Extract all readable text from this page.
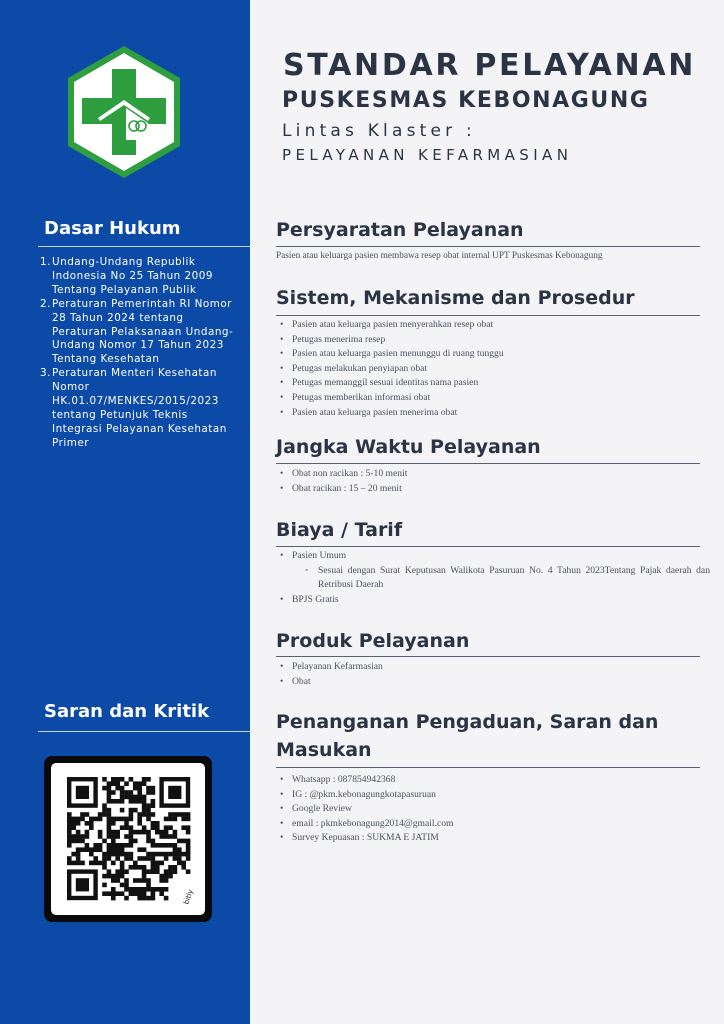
Dasar Hukum
1. Undang-Undang Republik Indonesia No 25 Tahun 2009 Tentang Pelayanan Publik
2. Peraturan Pemerintah RI Nomor 28 Tahun 2024 tentang Peraturan Pelaksanaan Undang-Undang Nomor 17 Tahun 2023 Tentang Kesehatan
3. Peraturan Menteri Kesehatan Nomor HK.01.07/MENKES/2015/2023 tentang Petunjuk Teknis Integrasi Pelayanan Kesehatan Primer
Saran dan Kritik
bitly
STANDAR PELAYANAN
PUSKESMAS KEBONAGUNG
Lintas Klaster :
PELAYANAN KEFARMASIAN
Persyaratan Pelayanan
Pasien atau keluarga pasien membawa resep obat internal UPT Puskesmas Kebonagung
Sistem, Mekanisme dan Prosedur
• Pasien atau keluarga pasien menyerahkan resep obat
• Petugas menerima resep
• Pasien atau keluarga pasien menunggu di ruang tunggu
• Petugas melakukan penyiapan obat
• Petugas memanggil sesuai identitas nama pasien
• Petugas memberikan informasi obat
• Pasien atau keluarga pasien menerima obat
Jangka Waktu Pelayanan
• Obat non racikan : 5-10 menit
• Obat racikan : 15 – 20 menit
Biaya / Tarif
• Pasien Umum
◦ Sesuai dengan Surat Keputusan Walikota Pasuruan No. 4 Tahun 2023Tentang Pajak daerah dan Retribusi Daerah
• BPJS Gratis
Produk Pelayanan
• Pelayanan Kefarmasian
• Obat
Penanganan Pengaduan, Saran dan
Masukan
• Whatsapp : 087854942368
• IG : @pkm.kebonagungkotapasuruan
• Google Review
• email : pkmkebonagung2014@gmail.com
• Survey Kepuasan : SUKMA E JATIM
